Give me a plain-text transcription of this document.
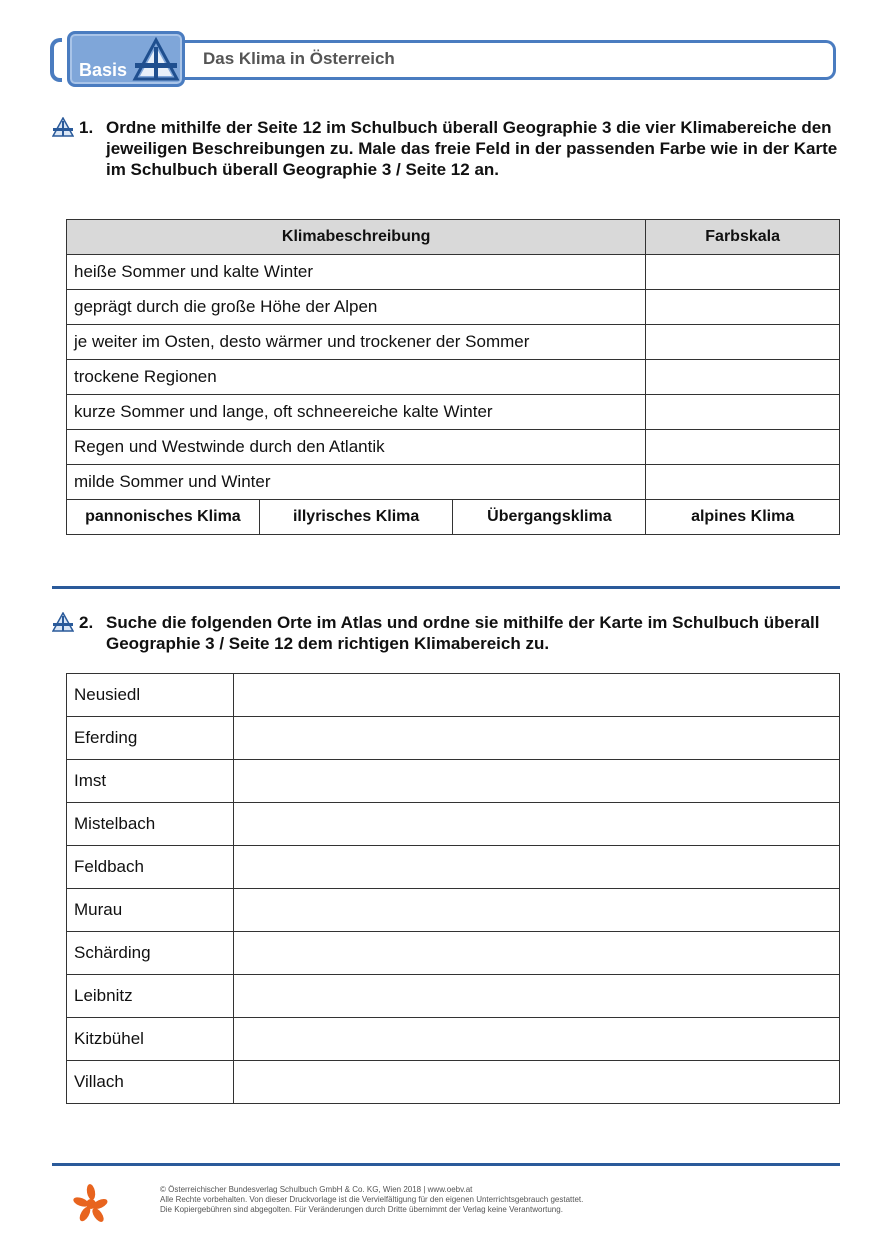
Basis
Das Klima in Österreich
1. Ordne mithilfe der Seite 12 im Schulbuch überall Geographie 3 die vier Klimabereiche den jeweiligen Beschreibungen zu. Male das freie Feld in der passenden Farbe wie in der Karte im Schulbuch überall Geographie 3 / Seite 12 an.
Klimabeschreibung			Farbskala
heiße Sommer und kalte Winter			
geprägt durch die große Höhe der Alpen			
je weiter im Osten, desto wärmer und trockener der Sommer			
trockene Regionen			
kurze Sommer und lange, oft schneereiche kalte Winter			
Regen und Westwinde durch den Atlantik			
milde Sommer und Winter			
pannonisches Klima	illyrisches Klima	Übergangsklima	alpines Klima
2. Suche die folgenden Orte im Atlas und ordne sie mithilfe der Karte im Schulbuch überall Geographie 3 / Seite 12 dem richtigen Klimabereich zu.
Neusiedl	
Eferding	
Imst	
Mistelbach	
Feldbach	
Murau	
Schärding	
Leibnitz	
Kitzbühel	
Villach	
© Österreichischer Bundesverlag Schulbuch GmbH & Co. KG, Wien 2018 | www.oebv.at
Alle Rechte vorbehalten. Von dieser Druckvorlage ist die Vervielfältigung für den eigenen Unterrichtsgebrauch gestattet.
Die Kopiergebühren sind abgegolten. Für Veränderungen durch Dritte übernimmt der Verlag keine Verantwortung.
